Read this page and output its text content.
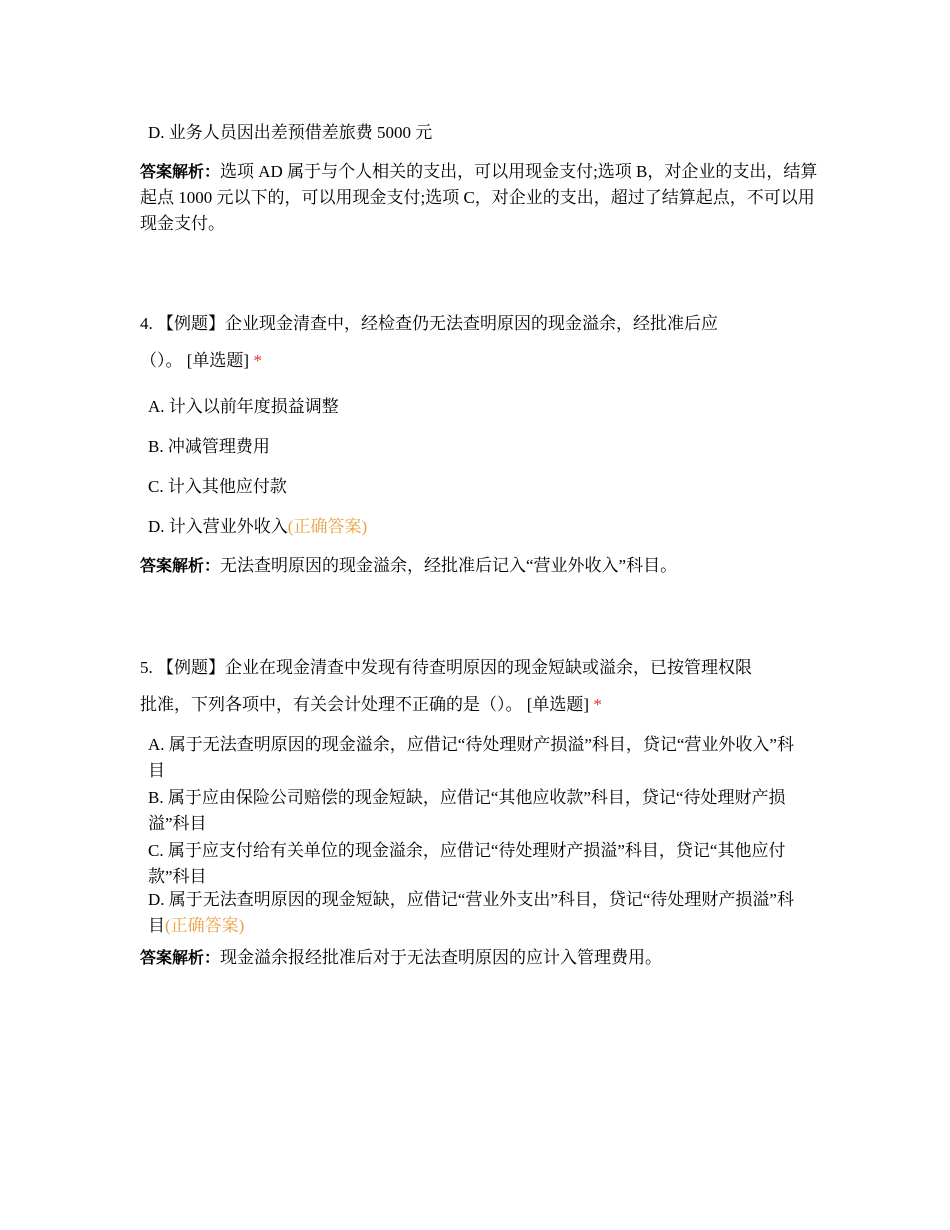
D. 业务人员因出差预借差旅费 5000 元
答案解析：选项 AD 属于与个人相关的支出，可以用现金支付;选项 B，对企业的支出，结算起点 1000 元以下的，可以用现金支付;选项 C，对企业的支出，超过了结算起点，不可以用现金支付。
4. 【例题】企业现金清查中，经检查仍无法查明原因的现金溢余，经批准后应
（）。 [单选题] *
A. 计入以前年度损益调整
B. 冲减管理费用
C. 计入其他应付款
D. 计入营业外收入(正确答案)
答案解析：无法查明原因的现金溢余，经批准后记入“营业外收入”科目。
5. 【例题】企业在现金清查中发现有待查明原因的现金短缺或溢余，已按管理权限
批准，下列各项中，有关会计处理不正确的是（）。 [单选题] *
A. 属于无法查明原因的现金溢余，应借记“待处理财产损溢”科目，贷记“营业外收入”科目
B. 属于应由保险公司赔偿的现金短缺，应借记“其他应收款”科目，贷记“待处理财产损溢”科目
C. 属于应支付给有关单位的现金溢余，应借记“待处理财产损溢”科目，贷记“其他应付款”科目
D. 属于无法查明原因的现金短缺，应借记“营业外支出”科目，贷记“待处理财产损溢”科目(正确答案)
答案解析：现金溢余报经批准后对于无法查明原因的应计入管理费用。
